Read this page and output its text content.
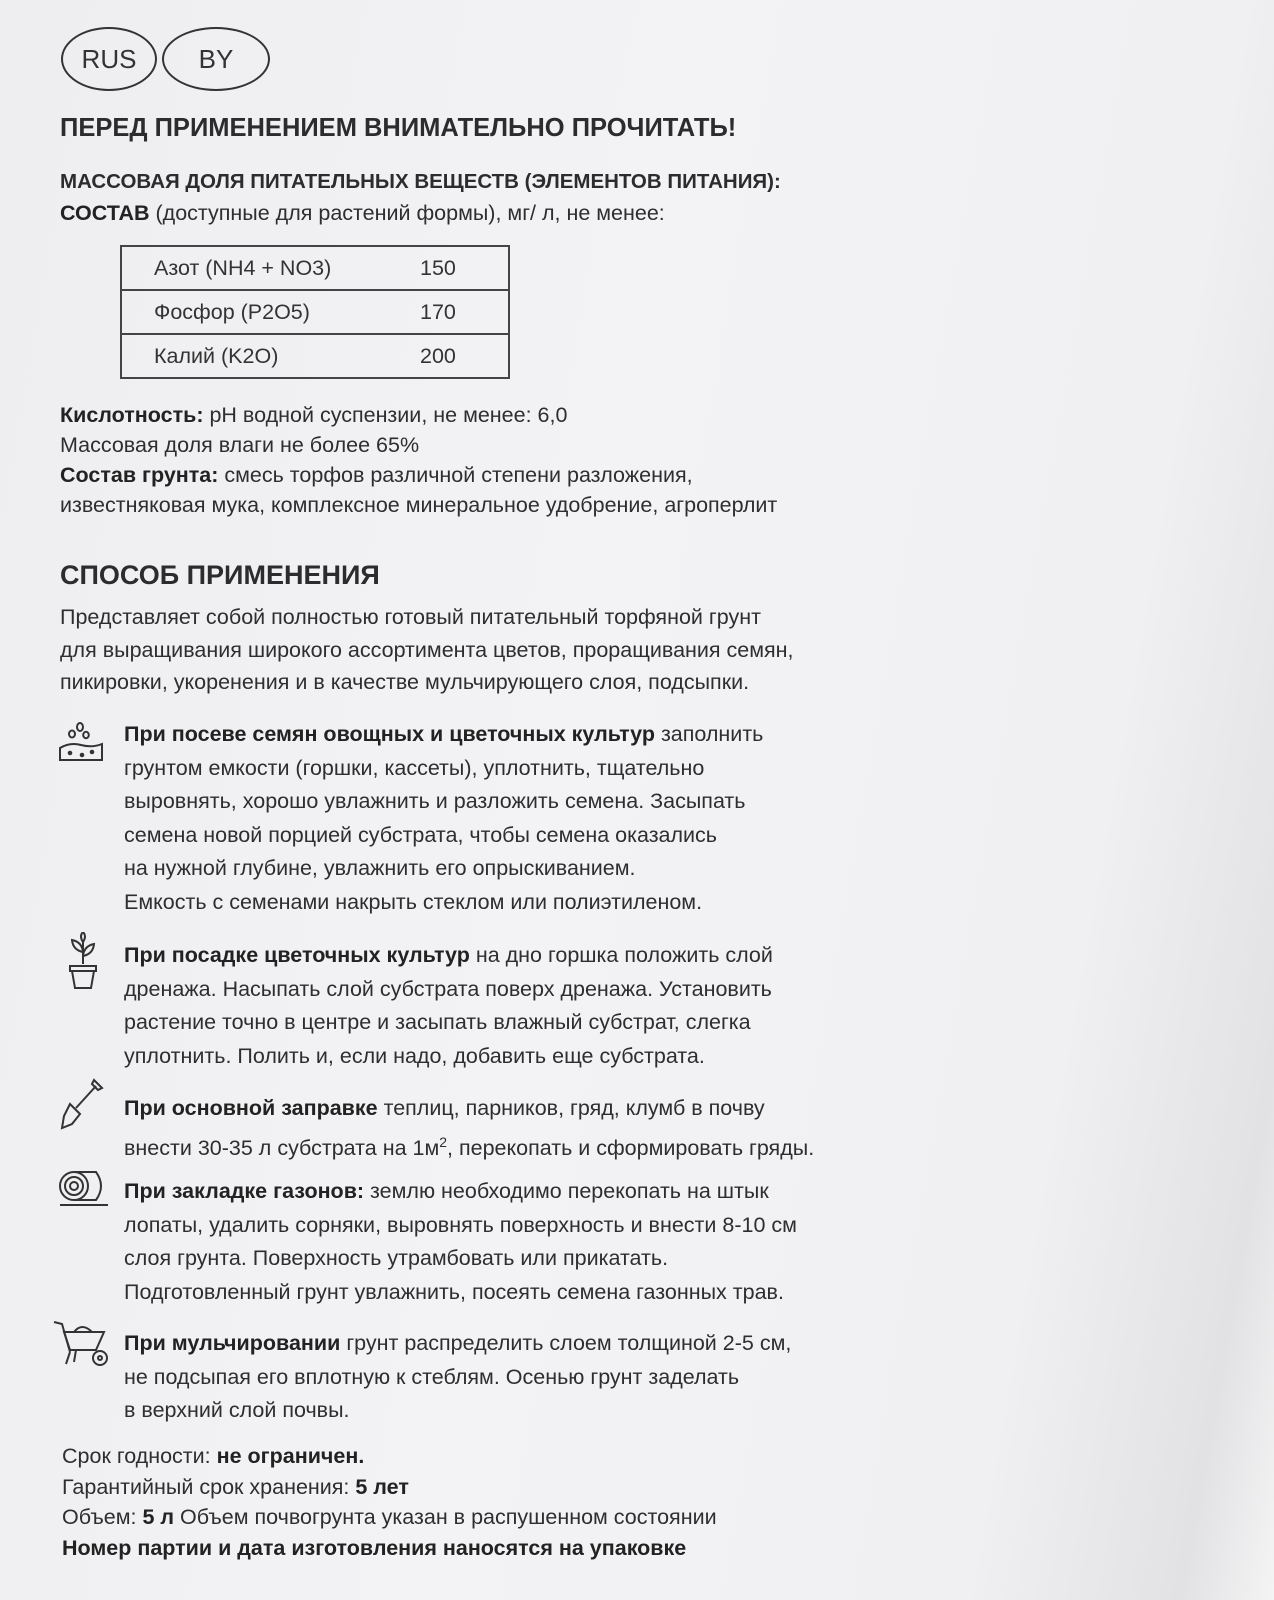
RUS BY
ПЕРЕД ПРИМЕНЕНИЕМ ВНИМАТЕЛЬНО ПРОЧИТАТЬ!
МАССОВАЯ ДОЛЯ ПИТАТЕЛЬНЫХ ВЕЩЕСТВ (ЭЛЕМЕНТОВ ПИТАНИЯ):
СОСТАВ (доступные для растений формы), мг/ л, не менее:
Азот (NH4 + NO3)	150
Фосфор (P2O5)	170
Калий (K2O)	200
Кислотность: pH водной суспензии, не менее: 6,0
Массовая доля влаги не более 65%
Состав грунта: смесь торфов различной степени разложения,
известняковая мука, комплексное минеральное удобрение, агроперлит
СПОСОБ ПРИМЕНЕНИЯ
Представляет собой полностью готовый питательный торфяной грунт
для выращивания широкого ассортимента цветов, проращивания семян,
пикировки, укоренения и в качестве мульчирующего слоя, подсыпки.
При посеве семян овощных и цветочных культур заполнить
грунтом емкости (горшки, кассеты), уплотнить, тщательно
выровнять, хорошо увлажнить и разложить семена. Засыпать
семена новой порцией субстрата, чтобы семена оказались
на нужной глубине, увлажнить его опрыскиванием.
Емкость с семенами накрыть стеклом или полиэтиленом.
При посадке цветочных культур на дно горшка положить слой
дренажа. Насыпать слой субстрата поверх дренажа. Установить
растение точно в центре и засыпать влажный субстрат, слегка
уплотнить. Полить и, если надо, добавить еще субстрата.
При основной заправке теплиц, парников, гряд, клумб в почву
внести 30-35 л субстрата на $1м^2$, перекопать и сформировать гряды.
При закладке газонов: землю необходимо перекопать на штык
лопаты, удалить сорняки, выровнять поверхность и внести 8-10 см
слоя грунта. Поверхность утрамбовать или прикатать.
Подготовленный грунт увлажнить, посеять семена газонных трав.
При мульчировании грунт распределить слоем толщиной 2-5 см,
не подсыпая его вплотную к стеблям. Осенью грунт заделать
в верхний слой почвы.
Срок годности: не ограничен.
Гарантийный срок хранения: 5 лет
Объем: 5 л Объем почвогрунта указан в распушенном состоянии
Номер партии и дата изготовления наносятся на упаковке
